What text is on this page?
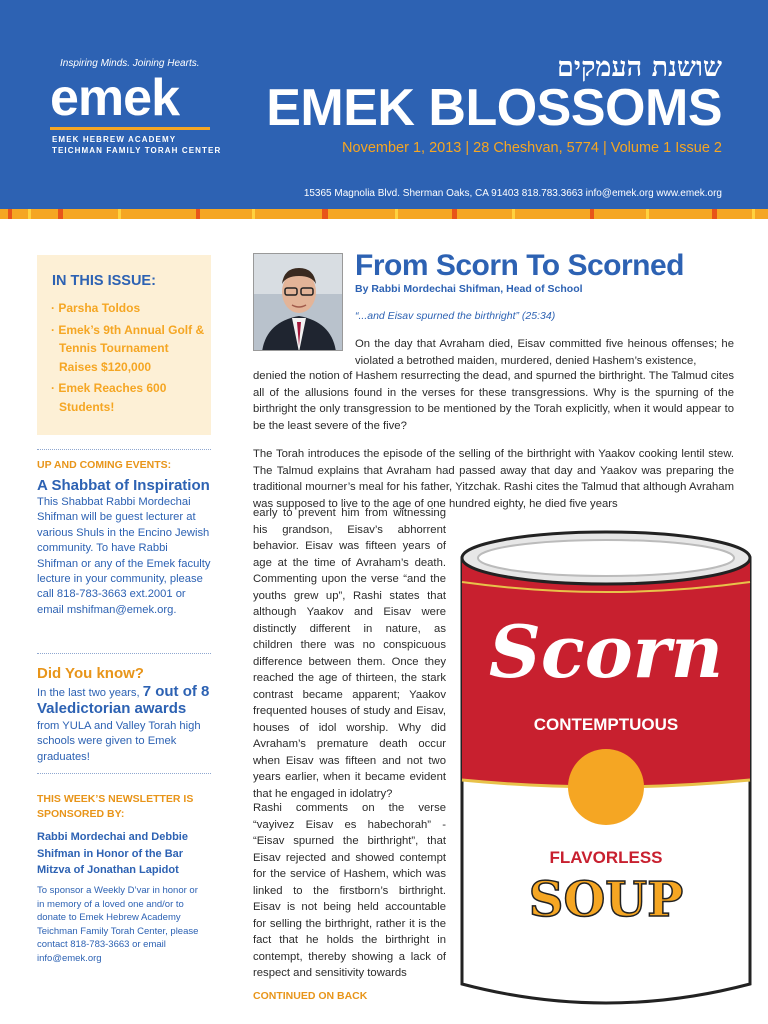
Inspiring Minds. Joining Hearts.
emek
EMEK HEBREW ACADEMY
TEICHMAN FAMILY TORAH CENTER
שושנת העמקים
EMEK BLOSSOMS
November 1, 2013 | 28 Cheshvan, 5774 | Volume 1 Issue 2
15365 Magnolia Blvd. Sherman Oaks, CA 91403 818.783.3663 info@emek.org www.emek.org
IN THIS ISSUE:
· Parsha Toldos
· Emek’s 9th Annual Golf & Tennis Tournament Raises $120,000
· Emek Reaches 600 Students!
UP AND COMING EVENTS:
A Shabbat of Inspiration
This Shabbat Rabbi Mordechai Shifman will be guest lecturer at various Shuls in the Encino Jewish community. To have Rabbi Shifman or any of the Emek faculty lecture in your community, please call 818-783-3663 ext.2001 or email mshifman@emek.org.
Did You know?
In the last two years, 7 out of 8 Valedictorian awards from YULA and Valley Torah high schools were given to Emek graduates!
THIS WEEK’S NEWSLETTER IS SPONSORED BY:
Rabbi Mordechai and Debbie Shifman in Honor of the Bar Mitzva of Jonathan Lapidot
To sponsor a Weekly D’var in honor or in memory of a loved one and/or to donate to Emek Hebrew Academy Teichman Family Torah Center, please contact 818-783-3663 or email info@emek.org
From Scorn To Scorned
By Rabbi Mordechai Shifman, Head of School
“...and Eisav spurned the birthright” (25:34)
On the day that Avraham died, Eisav committed five heinous offenses; he violated a betrothed maiden, murdered, denied Hashem’s existence,
denied the notion of Hashem resurrecting the dead, and spurned the birthright. The Talmud cites all of the allusions found in the verses for these transgressions. Why is the spurning of the birthright the only transgression to be mentioned by the Torah explicitly, when it would appear to be the least severe of the five?
The Torah introduces the episode of the selling of the birthright with Yaakov cooking lentil stew. The Talmud explains that Avraham had passed away that day and Yaakov was preparing the traditional mourner’s meal for his father, Yitzchak. Rashi cites the Talmud that although Avraham was supposed to live to the age of one hundred eighty, he died five years
early to prevent him from witnessing his grandson, Eisav’s abhorrent behavior. Eisav was fifteen years of age at the time of Avraham’s death. Commenting upon the verse “and the youths grew up”, Rashi states that although Yaakov and Eisav were distinctly different in nature, as children there was no conspicuous difference between them. Once they reached the age of thirteen, the stark contrast became apparent; Yaakov frequented houses of study and Eisav, houses of idol worship. Why did Avraham’s premature death occur when Eisav was fifteen and not two years earlier, when it became evident that he engaged in idolatry?
Rashi comments on the verse “vayivez Eisav es habechorah” - “Eisav spurned the birthright”, that Eisav rejected and showed contempt for the service of Hashem, which was linked to the firstborn’s birthright. Eisav is not being held accountable for selling the birthright, rather it is the fact that he holds the birthright in contempt, thereby showing a lack of respect and sensitivity towards
CONTINUED ON BACK
Scorn
CONTEMPTUOUS
FLAVORLESS
SOUP
